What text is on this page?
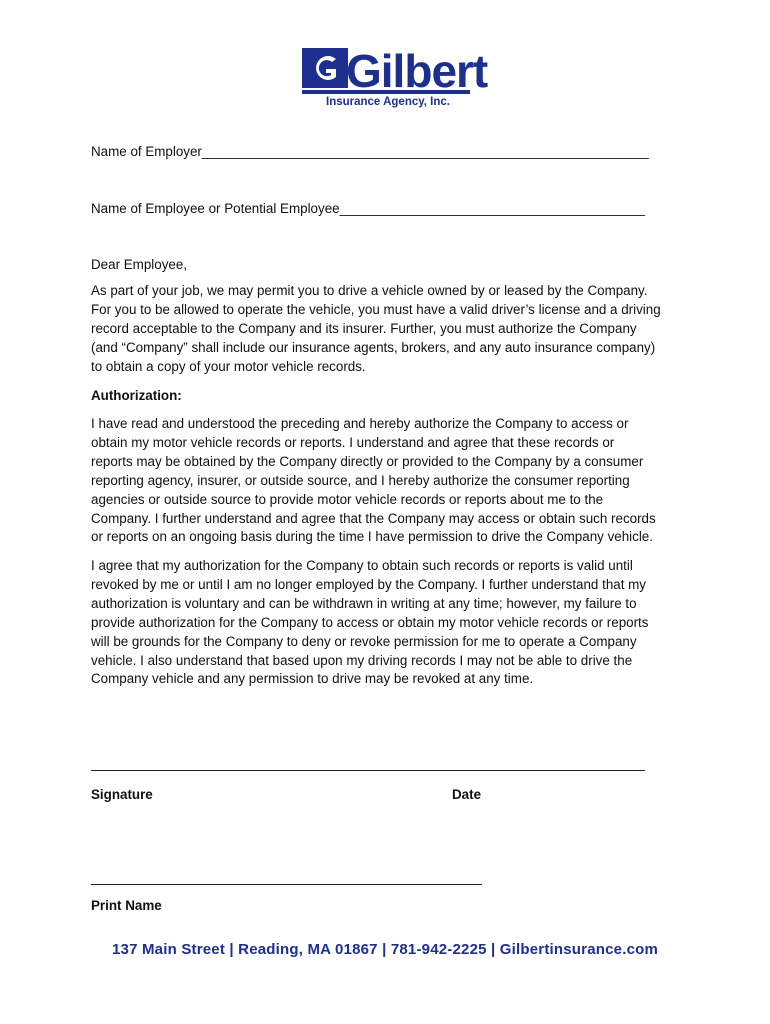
Gilbert
Insurance Agency, Inc.
Name of Employer____________________________________________________________
Name of Employee or Potential Employee_________________________________________
Dear Employee,
As part of your job, we may permit you to drive a vehicle owned by or leased by the Company.
For you to be allowed to operate the vehicle, you must have a valid driver’s license and a driving
record acceptable to the Company and its insurer. Further, you must authorize the Company
(and “Company” shall include our insurance agents, brokers, and any auto insurance company)
to obtain a copy of your motor vehicle records.
Authorization:
I have read and understood the preceding and hereby authorize the Company to access or
obtain my motor vehicle records or reports. I understand and agree that these records or
reports may be obtained by the Company directly or provided to the Company by a consumer
reporting agency, insurer, or outside source, and I hereby authorize the consumer reporting
agencies or outside source to provide motor vehicle records or reports about me to the
Company. I further understand and agree that the Company may access or obtain such records
or reports on an ongoing basis during the time I have permission to drive the Company vehicle.
I agree that my authorization for the Company to obtain such records or reports is valid until
revoked by me or until I am no longer employed by the Company. I further understand that my
authorization is voluntary and can be withdrawn in writing at any time; however, my failure to
provide authorization for the Company to access or obtain my motor vehicle records or reports
will be grounds for the Company to deny or revoke permission for me to operate a Company
vehicle. I also understand that based upon my driving records I may not be able to drive the
Company vehicle and any permission to drive may be revoked at any time.
Signature	Date
Print Name
137 Main Street | Reading, MA 01867 | 781-942-2225 | Gilbertinsurance.com
